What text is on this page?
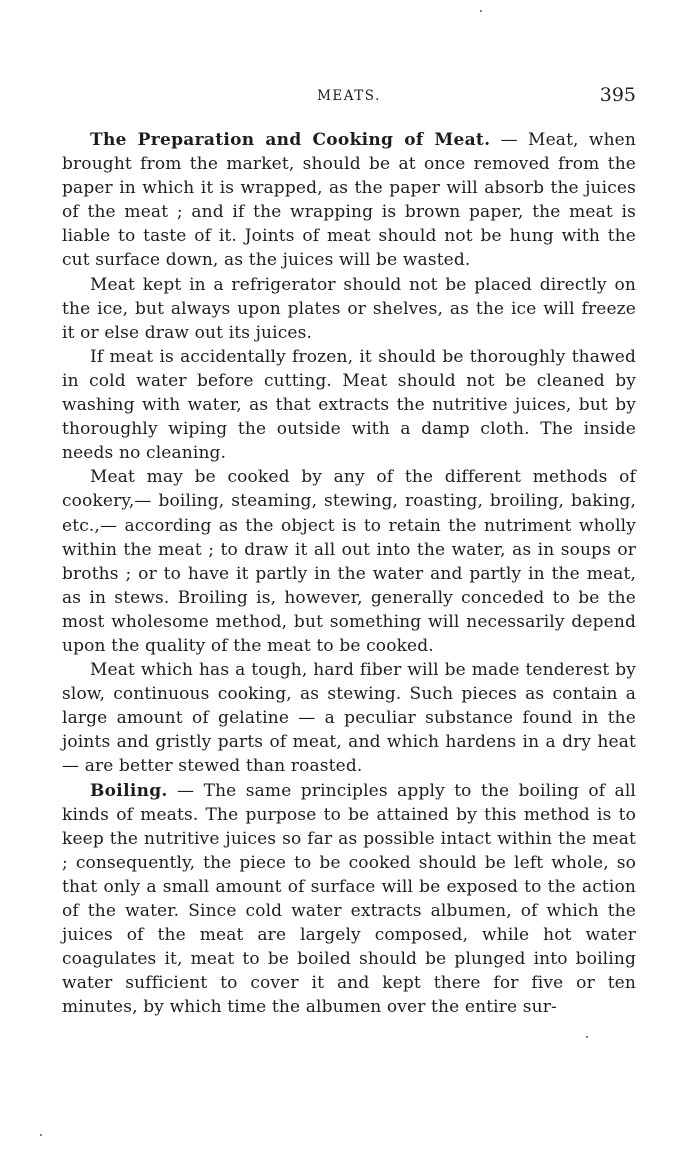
MEATS.	395

The Preparation and Cooking of Meat. — Meat, when brought from the market, should be at once removed from the paper in which it is wrapped, as the paper will absorb the juices of the meat ; and if the wrapping is brown paper, the meat is liable to taste of it. Joints of meat should not be hung with the cut surface down, as the juices will be wasted.

Meat kept in a refrigerator should not be placed directly on the ice, but always upon plates or shelves, as the ice will freeze it or else draw out its juices.

If meat is accidentally frozen, it should be thoroughly thawed in cold water before cutting. Meat should not be cleaned by washing with water, as that extracts the nutritive juices, but by thoroughly wiping the outside with a damp cloth. The inside needs no cleaning.

Meat may be cooked by any of the different methods of cookery,— boiling, steaming, stewing, roasting, broiling, baking, etc.,— according as the object is to retain the nutriment wholly within the meat ; to draw it all out into the water, as in soups or broths ; or to have it partly in the water and partly in the meat, as in stews. Broiling is, however, generally conceded to be the most wholesome method, but something will necessarily depend upon the quality of the meat to be cooked.

Meat which has a tough, hard fiber will be made tenderest by slow, continuous cooking, as stewing. Such pieces as contain a large amount of gelatine — a peculiar substance found in the joints and gristly parts of meat, and which hardens in a dry heat — are better stewed than roasted.

Boiling. — The same principles apply to the boiling of all kinds of meats. The purpose to be attained by this method is to keep the nutritive juices so far as possible intact within the meat ; consequently, the piece to be cooked should be left whole, so that only a small amount of surface will be exposed to the action of the water. Since cold water extracts albumen, of which the juices of the meat are largely composed, while hot water coagulates it, meat to be boiled should be plunged into boiling water sufficient to cover it and kept there for five or ten minutes, by which time the albumen over the entire sur-
